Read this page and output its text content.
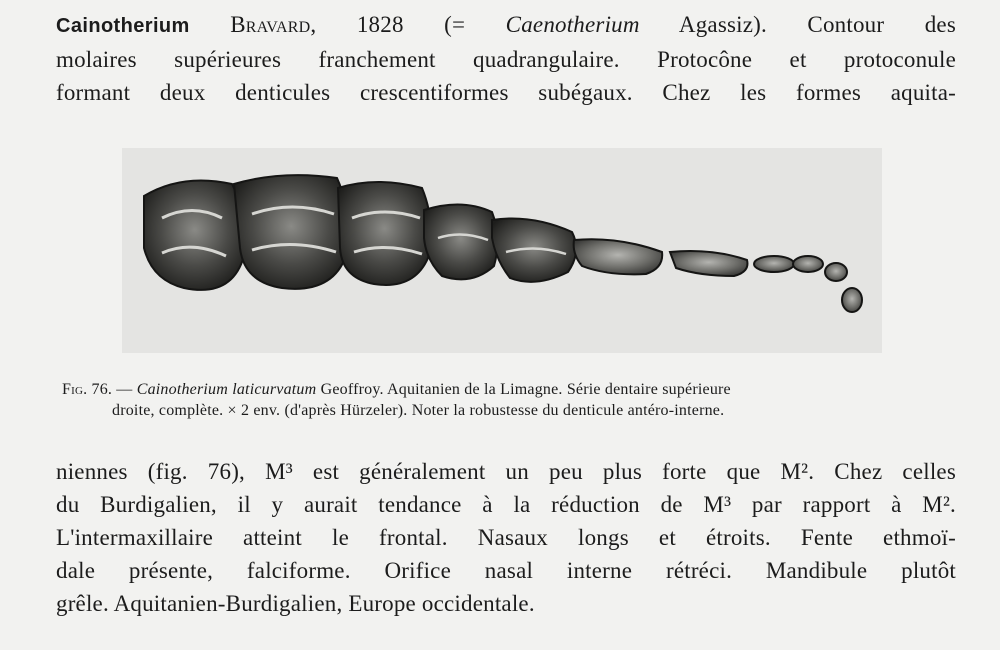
Cainotherium Bravard, 1828 (= Caenotherium Agassiz). Contour des
molaires supérieures franchement quadrangulaire. Protocône et protoconule
formant deux denticules crescentiformes subégaux. Chez les formes aquita-

Fig. 76. — Cainotherium laticurvatum Geoffroy. Aquitanien de la Limagne. Série dentaire supérieure
droite, complète. × 2 env. (d'après Hürzeler). Noter la robustesse du denticule antéro-interne.

niennes (fig. 76), M³ est généralement un peu plus forte que M². Chez celles
du Burdigalien, il y aurait tendance à la réduction de M³ par rapport à M².
L'intermaxillaire atteint le frontal. Nasaux longs et étroits. Fente ethmoï-
dale présente, falciforme. Orifice nasal interne rétréci. Mandibule plutôt
grêle. Aquitanien-Burdigalien, Europe occidentale.
